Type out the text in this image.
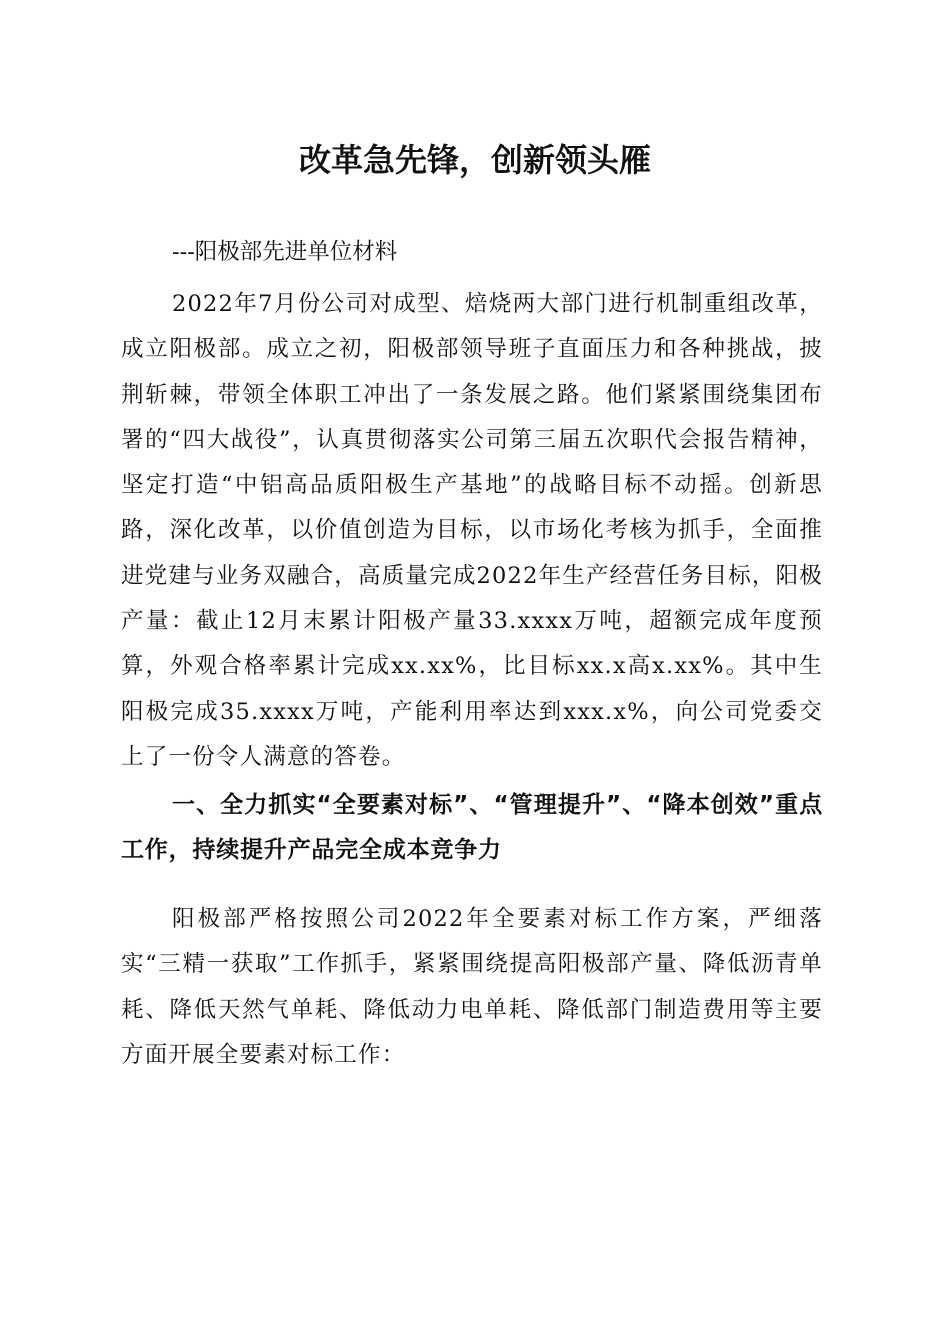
改革急先锋，创新领头雁

---阳极部先进单位材料

2022年7月份公司对成型、焙烧两大部门进行机制重组改革，成立阳极部。成立之初，阳极部领导班子直面压力和各种挑战，披荆斩棘，带领全体职工冲出了一条发展之路。他们紧紧围绕集团布署的“四大战役”，认真贯彻落实公司第三届五次职代会报告精神，坚定打造“中铝高品质阳极生产基地”的战略目标不动摇。创新思路，深化改革，以价值创造为目标，以市场化考核为抓手，全面推进党建与业务双融合，高质量完成2022年生产经营任务目标，阳极产量：截止12月末累计阳极产量33.xxxx万吨，超额完成年度预算，外观合格率累计完成xx.xx%，比目标xx.x高x.xx%。其中生阳极完成35.xxxx万吨，产能利用率达到xxx.x%，向公司党委交上了一份令人满意的答卷。

一、全力抓实“全要素对标”、“管理提升”、“降本创效”重点工作，持续提升产品完全成本竞争力

阳极部严格按照公司2022年全要素对标工作方案，严细落实“三精一获取”工作抓手，紧紧围绕提高阳极部产量、降低沥青单耗、降低天然气单耗、降低动力电单耗、降低部门制造费用等主要方面开展全要素对标工作：
